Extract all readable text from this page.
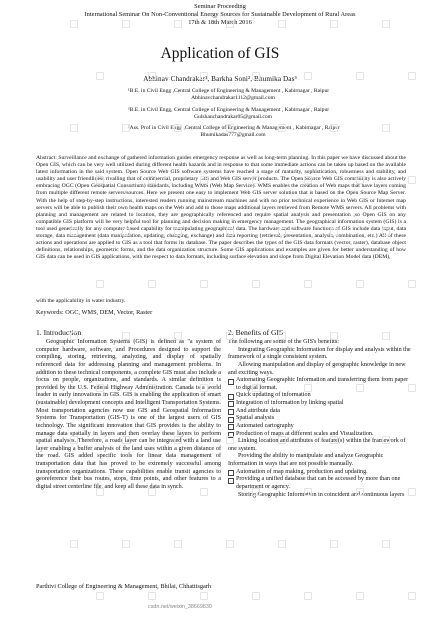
Seminar Proceeding
International Seminar On Non-Conventional Energy Sources for Sustainable Development of Rural Areas
17th & 18th March 2016
Application of GIS
Abhinav Chandrakar¹, Barkha Soni², Bhumika Das³
¹B.E. in Civil Engg ,Central College of Engineering & Management , Kabirnagar , Raipur
Abhinavchandrakar1112@gmail.com
²B.E. in Civil Engg, Central College of Engineering & Management , Kabirnagar , Raipur
Gulshanchandrakar05@gmail.com
³Ass. Prof in Civil Engg ,Central College of Engineering & Management , Kabirnagar , Raipur
Bhumikadas777@gmail.com
Abstract: Surveillance and exchange of gathered information guides emergency response as well as long-term planning. In this paper we have discussed about the Open GIS, which can be very well utilized during different health hazards and in response to that some immediate actions can be taken up based on the available latest information in the said system. Open Source Web GIS software systems have reached a stage of maturity, sophistication, robustness and stability, and usability and user friendliness rivalling that of commercial, proprietary GIS and Web GIS server products. The Open Source Web GIS community is also actively embracing OGC (Open Geospatial Consortium) standards, including WMS (Web Map Service). WMS enables the creation of Web maps that have layers coming from multiple different remote servers/sources. Here we present one easy to implement Web GIS server solution that is based on the Open Source Map Server. With the help of step-by-step instructions, interested readers running mainstream machines and with no prior technical experience in Web GIS or Internet map servers will be able to publish their own health maps on the Web and add to those maps additional layers retrieved from Remote WMS servers. All problems with planning and management are related to location, they are geographically referenced and require spatial analysis and presentation ,so Open GIS on any compatible GIS platform will be very helpful tool for planning and decision making in emergency management. The geographical information system (GIS) is a tool used generically for any computer based capability for manipulating geographical data. The hardware and software functions of GIS include data input, data storage, data management (data manipulation, updating, changing, exchange) and data reporting (retrieval, presentation, analysis, combination, etc.) All of these actions and operations are applied to GIS as a tool that forms its database. The paper describes the types of the GIS data formats (vector, raster), database object definitions, relationships, geometric forms, and the data organization structure. Some GIS applications and examples are given for better understanding of how GIS data can be used in GIS applications, with the respect to data formats, including surface elevation and slope from Digital Elevation Model data (DEM),
with the applicability in water industry.
Keywords: OGC, WMS, DEM, Vector, Raster
1. Introduction

Geographic Information Systems (GIS) is defined as "a system of computer hardware, software, and Procedures designed to support the compiling, storing, retrieving, analyzing, and display of spatially referenced data for addressing planning and management problems. In addition to these technical components, a complete GIS must also include a focus on people, organizations, and standards. A similar definition is provided by the U.S. Federal Highway Administration. Canada is a world leader in early innovations in GIS. GIS is enabling the application of smart (sustainable) development concepts and Intelligent Transportation Systems. Most transportation agencies now use GIS and Geospatial Information Systems for Transportation (GIS-T) is one of the largest users of GIS technology. The significant innovation that GIS provides is the ability to manage data spatially in layers and then overlay these layers to perform spatial analyses. Therefore, a roads layer can be integrated with a land use layer enabling a buffer analysis of the land uses within a given distance of the road. GIS added specific tools for linear data management of transportation data that has proved to be extremely successful among transportation organizations. These capabilities enable transit agencies to georeference their bus routes, stops, time points, and other features to a digital street centerline file, and keep all these data in synch.

2. Benefits of GIS

The following are some of the GIS's benefits:

Integrating Geographic Information for display and analysis within the framework of a single consistent system.
Allowing manipulation and display of geographic knowledge in new and exciting ways.
Automating Geographic Information and transferring them from paper to digital format.
Quick updating of information
Integration of information by linking spatial
And attribute data
Spatial analysis
Automated cartography
Production of maps at different scales and Visualization.
Linking location and attributes of feature(s) within the framework of one system.
Providing the ability to manipulate and analyze Geographic Information in ways that are not possible manually.
Automation of map making, production and updating.
Providing a unified database that can be accessed by more than one department or agency.
Storing Geographic Information in coincident and continuous layers
Parthivi College of Engineering & Management, Bhilai, Chhattisgarh
csdn.net/weixin_38669830
